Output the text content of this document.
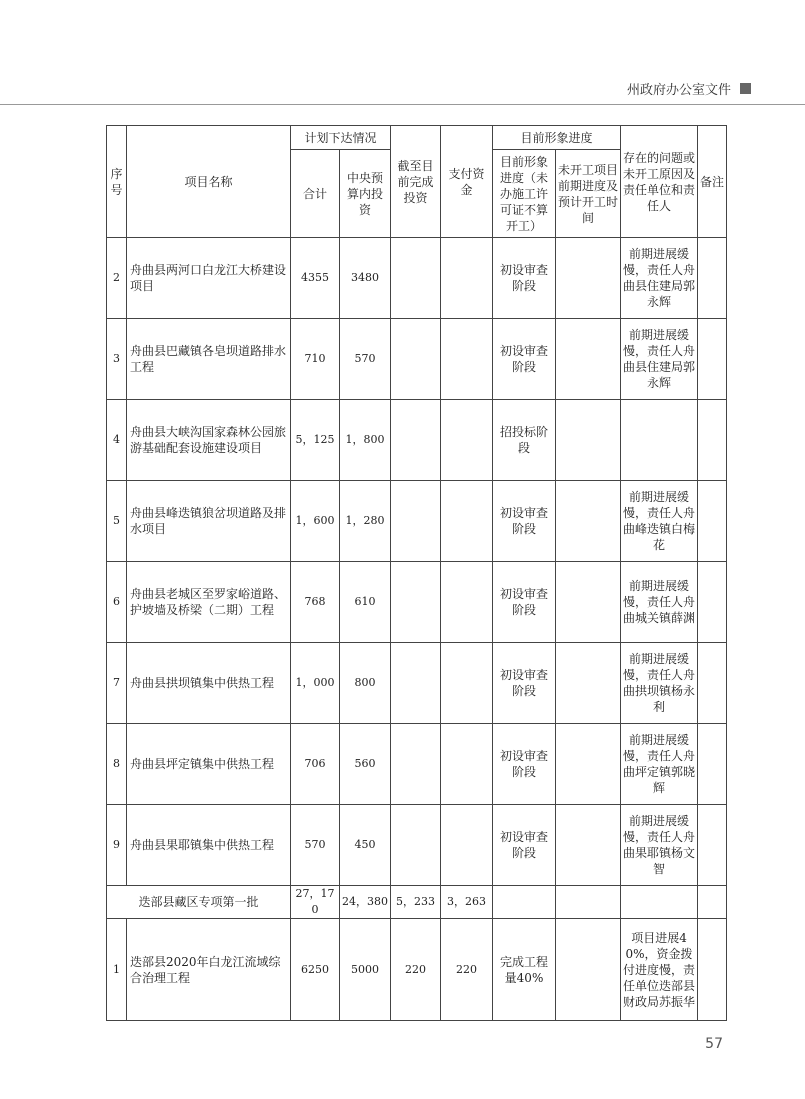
州政府办公室文件
序号	项目名称	计划下达情况		截至目前完成投资	支付资金	目前形象进度		存在的问题或未开工原因及责任单位和责任人	备注
		合计	中央预算内投资			目前形象进度（未办施工许可证不算开工）	未开工项目前期进度及预计开工时间		
2	舟曲县两河口白龙江大桥建设项目	4355	3480			初设审查阶段		前期进展缓慢，责任人舟曲县住建局郭永辉	
3	舟曲县巴藏镇各皂坝道路排水工程	710	570			初设审查阶段		前期进展缓慢，责任人舟曲县住建局郭永辉	
4	舟曲县大峡沟国家森林公园旅游基础配套设施建设项目	5，125	1，800			招投标阶段			
5	舟曲县峰迭镇狼岔坝道路及排水项目	1，600	1，280			初设审查阶段		前期进展缓慢，责任人舟曲峰迭镇白梅花	
6	舟曲县老城区至罗家峪道路、护坡墙及桥梁（二期）工程	768	610			初设审查阶段		前期进展缓慢，责任人舟曲城关镇薛渊	
7	舟曲县拱坝镇集中供热工程	1，000	800			初设审查阶段		前期进展缓慢，责任人舟曲拱坝镇杨永利	
8	舟曲县坪定镇集中供热工程	706	560			初设审查阶段		前期进展缓慢，责任人舟曲坪定镇郭晓辉	
9	舟曲县果耶镇集中供热工程	570	450			初设审查阶段		前期进展缓慢，责任人舟曲果耶镇杨文智	
迭部县藏区专项第一批		27，170	24，380	5，233	3，263				
1	迭部县2020年白龙江流域综合治理工程	6250	5000	220	220	完成工程量40%		项目进展40%，资金拨付进度慢，责任单位迭部县财政局苏振华	
57
